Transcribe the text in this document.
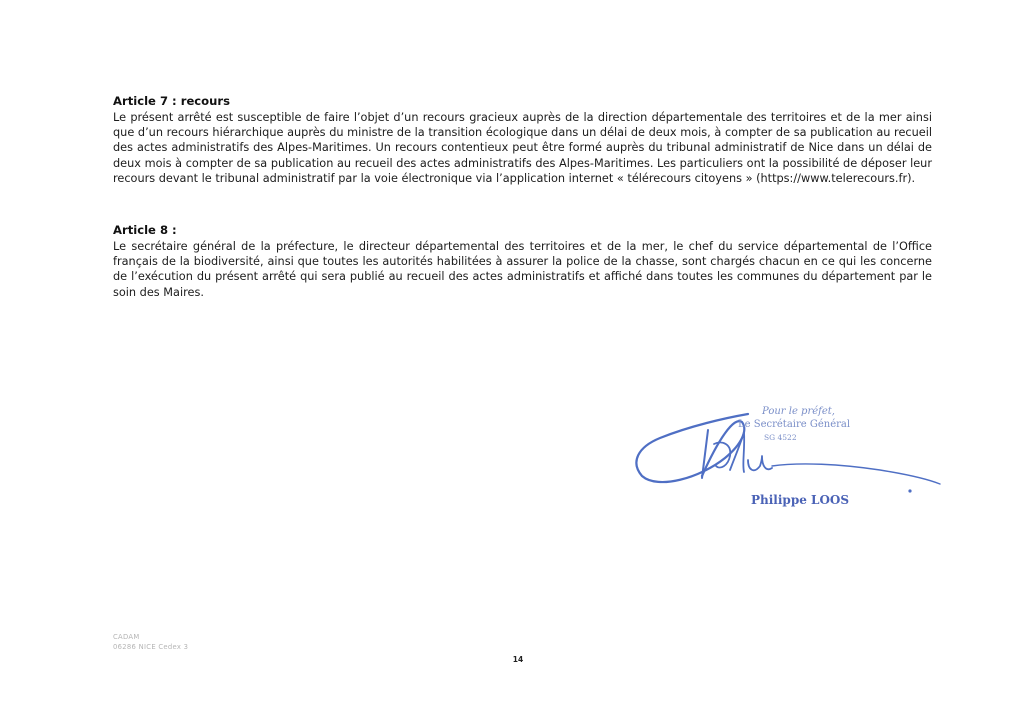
Article 7 : recours

Le présent arrêté est susceptible de faire l’objet d’un recours gracieux auprès de la direction départementale des territoires et de la mer ainsi que d’un recours hiérarchique auprès du ministre de la transition écologique dans un délai de deux mois, à compter de sa publication au recueil des actes administratifs des Alpes-Maritimes. Un recours contentieux peut être formé auprès du tribunal administratif de Nice dans un délai de deux mois à compter de sa publication au recueil des actes administratifs des Alpes-Maritimes. Les particuliers ont la possibilité de déposer leur recours devant le tribunal administratif par la voie électronique via l’application internet « télérecours citoyens » (https://www.telerecours.fr).

Article 8 :

Le secrétaire général de la préfecture, le directeur départemental des territoires et de la mer, le chef du service départemental de l’Office français de la biodiversité, ainsi que toutes les autorités habilitées à assurer la police de la chasse, sont chargés chacun en ce qui les concerne de l’exécution du présent arrêté qui sera publié au recueil des actes administratifs et affiché dans toutes les communes du département par le soin des Maires.

Pour le préfet,
Le Secrétaire Général
SG 4522
Philippe LOOS
CADAM
06286 NICE Cedex 3
14
